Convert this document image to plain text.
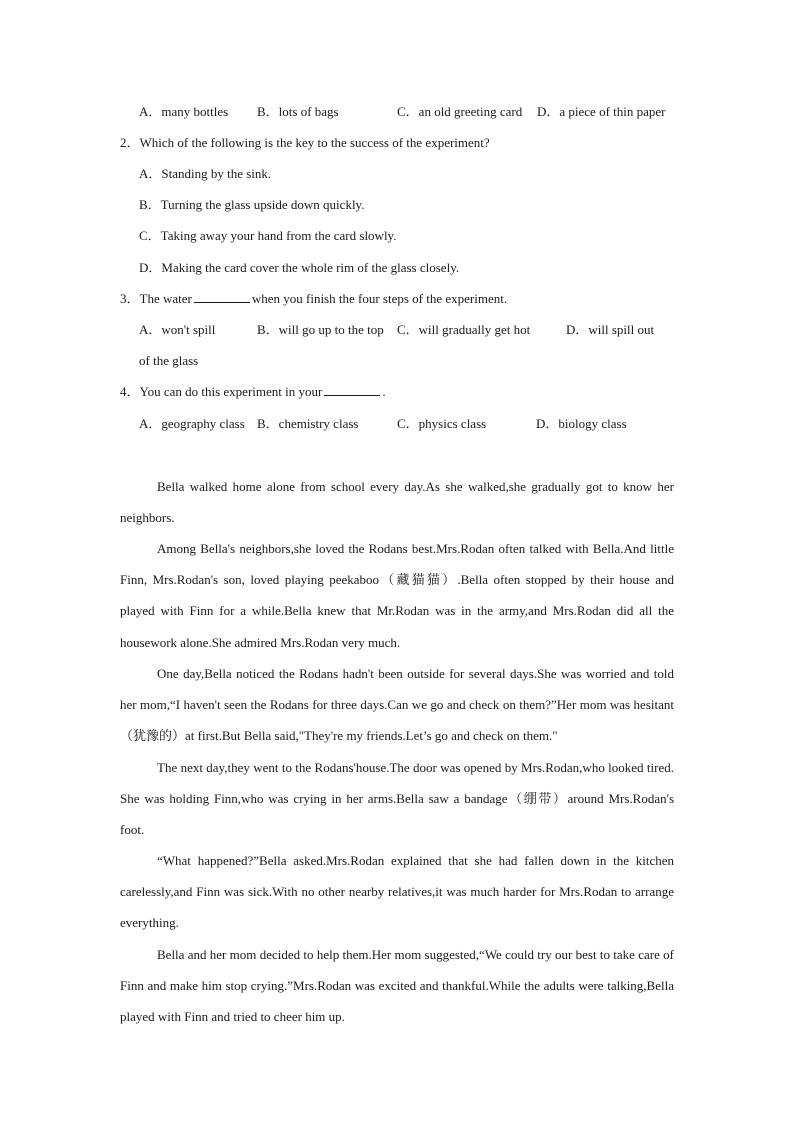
A．many bottles B．lots of bags	C．an old greeting card D．a piece of thin paper
2．Which of the following is the key to the success of the experiment?
A．Standing by the sink.
B．Turning the glass upside down quickly.
C．Taking away your hand from the card slowly.
D．Making the card cover the whole rim of the glass closely.
3．The water	when you finish the four steps of the experiment.
A．won't spill	B．will go up to the top C．will gradually get hot	D．will spill out
of the glass
4．You can do this experiment in your	.
A．geography class B．chemistry class	C．physics class	D．biology class
Bella walked home alone from school every day.As she walked,she gradually got to know her neighbors.
Among Bella's neighbors,she loved the Rodans best.Mrs.Rodan often talked with Bella.And little Finn, Mrs.Rodan's son, loved playing peekaboo（藏猫猫）.Bella often stopped by their house and played with Finn for a while.Bella knew that Mr.Rodan was in the army,and Mrs.Rodan did all the housework alone.She admired Mrs.Rodan very much.
One day,Bella noticed the Rodans hadn't been outside for several days.She was worried and told her mom,“I haven't seen the Rodans for three days.Can we go and check on them?”Her mom was hesitant（犹豫的）at first.But Bella said,"They're my friends.Let’s go and check on them."
The next day,they went to the Rodans'house.The door was opened by Mrs.Rodan,who looked tired. She was holding Finn,who was crying in her arms.Bella saw a bandage（绷带）around Mrs.Rodan's foot.
“What happened?”Bella asked.Mrs.Rodan explained that she had fallen down in the kitchen carelessly,and Finn was sick.With no other nearby relatives,it was much harder for Mrs.Rodan to arrange everything.
Bella and her mom decided to help them.Her mom suggested,“We could try our best to take care of Finn and make him stop crying.”Mrs.Rodan was excited and thankful.While the adults were talking,Bella played with Finn and tried to cheer him up.
